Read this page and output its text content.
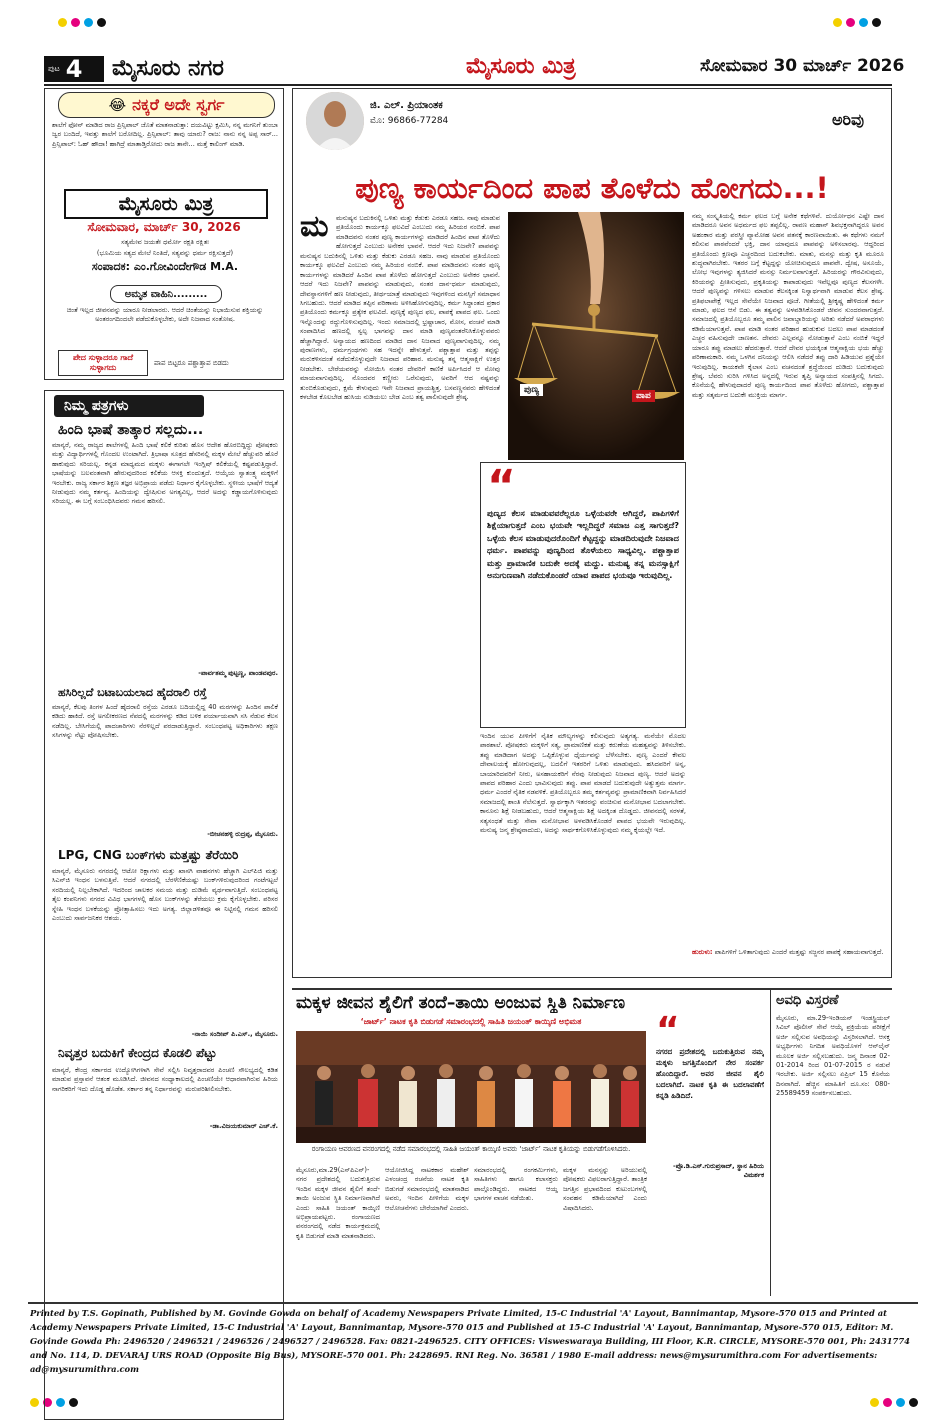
ಪುಟ 4 ಮೈಸೂರು ನಗರ	ಮೈಸೂರು ಮಿತ್ರ	ಸೋಮವಾರ 30 ಮಾರ್ಚ್ 2026
😂 ನಕ್ಕರೆ ಅದೇ ಸ್ವರ್ಗ
ಶಾಲೆಗೆ ಫೋನ್ ಮಾಡಿದ ರಾಜ ಪ್ರಿನ್ಸಿಪಾಲ್ ಜೊತೆ ಮಾತನಾಡುತ್ತಾ: ದಯವಿಟ್ಟು ಕ್ಷಮಿಸಿ, ನನ್ನ ಮಗನಿಗೆ ತುಂಬಾ ಜ್ವರ ಬಂದಿದೆ, ಇವತ್ತು ಶಾಲೆಗೆ ಬರೋದಿಲ್ಲ. ಪ್ರಿನ್ಸಿಪಾಲ್: ತಾವು ಯಾರು? ರಾಜ: ನಾನು ನನ್ನ ಅಪ್ಪ ಸಾರ್... ಪ್ರಿನ್ಸಿಪಾಲ್: ಓಹ್ ಹೌದಾ! ಹಾಗಿದ್ರೆ ಮಾತಾಡ್ತಿರೋದು ರಾಜ ತಾನೇ... ಮತ್ತೆ ಕಾಲಿಂಗ್ ಮಾಡಿ.
ಮೈಸೂರು ಮಿತ್ರ
ಸೋಮವಾರ, ಮಾರ್ಚ್ 30, 2026
ಸತ್ಯಮೇವ ಜಯತೇ ಧರ್ಮೋ ರಕ್ಷತಿ ರಕ್ಷಿತಃ
(ಭೂಮಿಯ ಸತ್ಯದ ಮೇಲೆ ನಿಂತಿದೆ, ಸತ್ಯವನ್ನು ಧರ್ಮ ರಕ್ಷಿಸುತ್ತದೆ)
ಸಂಪಾದಕ: ಎಂ.ಗೋವಿಂದೇಗೌಡ M.A.
ಅಮೃತ ವಾಹಿನಿ.........
ಚಿಂತೆ ಇಲ್ಲದ ಜೀವನವನ್ನು ಯಾರೂ ನೀಡಲಾರರು. ಆದರೆ ಚಿಂತೆಯನ್ನು ನಿಭಾಯಿಸುವ ಶಕ್ತಿಯನ್ನು ಅಂತರಂಗದಿಂದಲೇ ಪಡೆದುಕೊಳ್ಳಬೇಕು, ಅದೇ ನಿಜವಾದ ಸಂತೋಷ.
ಪೇದ ಸುಳ್ಳಾದರೂ ಗಾದೆ ಸುಳ್ಳಾಗದು
ಪಾಪ ಬಿಟ್ಟರೂ ಪಶ್ಚಾತ್ತಾಪ ಬಿಡದು
ನಿಮ್ಮ ಪತ್ರಗಳು
ಹಿಂದಿ ಭಾಷೆ ತಾತ್ಕಾರ ಸಲ್ಲದು...
ಮಾನ್ಯರೆ, ನಮ್ಮ ರಾಜ್ಯದ ಶಾಲೆಗಳಲ್ಲಿ ಹಿಂದಿ ಭಾಷೆ ಕಲಿಕೆ ಕುರಿತು ಹೊಸ ಆದೇಶ ಹೊರಬಿದ್ದಿದ್ದು ಪೋಷಕರು ಮತ್ತು ವಿದ್ಯಾರ್ಥಿಗಳಲ್ಲಿ ಗೊಂದಲ ಉಂಟಾಗಿದೆ. ತ್ರಿಭಾಷಾ ಸೂತ್ರದ ಹೆಸರಿನಲ್ಲಿ ಮಕ್ಕಳ ಮೇಲೆ ಹೆಚ್ಚುವರಿ ಹೊರೆ ಹಾಕುವುದು ಸರಿಯಲ್ಲ. ಕನ್ನಡ ಮಾಧ್ಯಮದ ಮಕ್ಕಳು ಈಗಾಗಲೇ ಇಂಗ್ಲಿಷ್ ಕಲಿಕೆಯಲ್ಲಿ ಕಷ್ಟಪಡುತ್ತಿದ್ದಾರೆ. ಭಾಷೆಯನ್ನು ಬಲವಂತವಾಗಿ ಹೇರುವುದರಿಂದ ಕಲಿಕೆಯ ಆಸಕ್ತಿ ಕುಂದುತ್ತದೆ. ಆಯ್ಕೆಯ ಸ್ವಾತಂತ್ರ್ಯ ಮಕ್ಕಳಿಗೆ ಇರಬೇಕು. ರಾಜ್ಯ ಸರ್ಕಾರ ಶಿಕ್ಷಣ ತಜ್ಞರ ಅಭಿಪ್ರಾಯ ಪಡೆದು ನಿರ್ಧಾರ ಕೈಗೊಳ್ಳಬೇಕು. ಸ್ಥಳೀಯ ಭಾಷೆಗೆ ಆದ್ಯತೆ ನೀಡುವುದು ನಮ್ಮ ಕರ್ತವ್ಯ. ಹಿಂದಿಯನ್ನು ದ್ವೇಷಿಸುವ ಅಗತ್ಯವಿಲ್ಲ, ಆದರೆ ಅದನ್ನು ಕಡ್ಡಾಯಗೊಳಿಸುವುದು ಸರಿಯಲ್ಲ. ಈ ಬಗ್ಗೆ ಸಂಬಂಧಿಸಿದವರು ಗಮನ ಹರಿಸಲಿ.
-ಪಾರ್ವತಮ್ಮ ಪುಟ್ಟಣ್ಣ, ಪಾಂಡವಪುರ.
ಹಸಿರಿಲ್ಲದೆ ಬಟಾಬಯಲಾದ ಹೈದರಾಲಿ ರಸ್ತೆ
ಮಾನ್ಯರೆ, ಕೆಲವು ತಿಂಗಳ ಹಿಂದೆ ಹೈದರಾಲಿ ರಸ್ತೆಯ ಎರಡೂ ಬದಿಯಲ್ಲಿದ್ದ 40 ಮರಗಳನ್ನು ಹಿಂದಿನ ಪಾಲಿಕೆ ಕಡಿದು ಹಾಕಿದೆ. ರಸ್ತೆ ಅಗಲೀಕರಣದ ನೆಪದಲ್ಲಿ ಮರಗಳನ್ನು ಕಡಿದ ಬಳಿಕ ಪರ್ಯಾಯವಾಗಿ ಸಸಿ ನೆಡುವ ಕೆಲಸ ನಡೆದಿಲ್ಲ. ಬೇಸಿಗೆಯಲ್ಲಿ ಪಾದಚಾರಿಗಳು ನೆರಳಿಲ್ಲದೆ ಪರದಾಡುತ್ತಿದ್ದಾರೆ. ಸಂಬಂಧಪಟ್ಟ ಅಧಿಕಾರಿಗಳು ತಕ್ಷಣ ಸಸಿಗಳನ್ನು ನೆಟ್ಟು ಪೋಷಿಸಬೇಕು.
-ಬೀಚನಹಳ್ಳಿ ರುದ್ರಪ್ಪ, ಮೈಸೂರು.
LPG, CNG ಬಂಕ್‌ಗಳು ಮತ್ತಷ್ಟು ತೆರೆಯಿರಿ
ಮಾನ್ಯರೆ, ಮೈಸೂರು ನಗರದಲ್ಲಿ ಆಟೋ ರಿಕ್ಷಾಗಳು ಮತ್ತು ಖಾಸಗಿ ವಾಹನಗಳು ಹೆಚ್ಚಾಗಿ ಎಲ್‌ಪಿಜಿ ಮತ್ತು ಸಿಎನ್‌ಜಿ ಇಂಧನ ಬಳಸುತ್ತಿವೆ. ಆದರೆ ನಗರದಲ್ಲಿ ಬೆರಳೆಣಿಕೆಯಷ್ಟು ಬಂಕ್‌ಗಳಿರುವುದರಿಂದ ಗಂಟೆಗಟ್ಟಲೆ ಸರದಿಯಲ್ಲಿ ನಿಲ್ಲಬೇಕಾಗಿದೆ. ಇದರಿಂದ ಚಾಲಕರ ಸಮಯ ಮತ್ತು ದುಡಿಮೆ ವ್ಯರ್ಥವಾಗುತ್ತಿದೆ. ಸಂಬಂಧಪಟ್ಟ ತೈಲ ಕಂಪನಿಗಳು ನಗರದ ವಿವಿಧ ಭಾಗಗಳಲ್ಲಿ ಹೊಸ ಬಂಕ್‌ಗಳನ್ನು ತೆರೆಯಲು ಕ್ರಮ ಕೈಗೊಳ್ಳಬೇಕು. ಪರಿಸರ ಸ್ನೇಹಿ ಇಂಧನ ಬಳಕೆಯನ್ನು ಪ್ರೋತ್ಸಾಹಿಸಲು ಇದು ಅಗತ್ಯ. ಜಿಲ್ಲಾಡಳಿತವೂ ಈ ನಿಟ್ಟಿನಲ್ಲಿ ಗಮನ ಹರಿಸಲಿ ಎಂಬುದು ಸಾರ್ವಜನಿಕರ ಆಶಯ.
-ನಾಯಿ ಸಂದೀಪ್ ಪಿ.ಎಸ್., ಮೈಸೂರು.
ನಿವೃತ್ತರ ಬದುಕಿಗೆ ಕೇಂದ್ರದ ಕೊಡಲಿ ಪೆಟ್ಟು
ಮಾನ್ಯರೆ, ಕೇಂದ್ರ ಸರ್ಕಾರದ ಉದ್ಯೋಗಿಗಳಾಗಿ ಸೇವೆ ಸಲ್ಲಿಸಿ ನಿವೃತ್ತರಾದವರ ಪಿಂಚಣಿ ಸೌಲಭ್ಯದಲ್ಲಿ ಕಡಿತ ಮಾಡುವ ಪ್ರಸ್ತಾವನೆ ಆತಂಕ ಮೂಡಿಸಿದೆ. ಜೀವನದ ಸಂಧ್ಯಾಕಾಲದಲ್ಲಿ ಪಿಂಚಣಿಯೇ ಆಧಾರವಾಗಿರುವ ಹಿರಿಯ ನಾಗರಿಕರಿಗೆ ಇದು ದೊಡ್ಡ ಹೊಡೆತ. ಸರ್ಕಾರ ತನ್ನ ನಿರ್ಧಾರವನ್ನು ಮರುಪರಿಶೀಲಿಸಬೇಕು.
-ಡಾ.ವಿಜಯಕುಮಾರ್ ಎಚ್.ಕೆ.
ಜಿ. ಎಲ್. ಪ್ರಿಯಾಂತಕ
ಮೊ: 96866-77284	ಅರಿವು
ಪುಣ್ಯ ಕಾರ್ಯದಿಂದ ಪಾಪ ತೊಳೆದು ಹೋಗದು...!
ಪುಣ್ಯ
ಪಾಪ
ಮ ಮನುಷ್ಯನ ಬದುಕಿನಲ್ಲಿ ಒಳಿತು ಮತ್ತು ಕೆಡುಕು ಎರಡೂ ಸಹಜ. ನಾವು ಮಾಡುವ ಪ್ರತಿಯೊಂದು ಕಾರ್ಯಕ್ಕೂ ಫಲವಿದೆ ಎಂಬುದು ನಮ್ಮ ಹಿರಿಯರ ನಂಬಿಕೆ. ಪಾಪ ಮಾಡಿದವನು ನಂತರ ಪುಣ್ಯ ಕಾರ್ಯಗಳನ್ನು ಮಾಡಿದರೆ ಹಿಂದಿನ ಪಾಪ ತೊಳೆದು ಹೋಗುತ್ತದೆ ಎಂಬುದು ಅನೇಕರ ಭಾವನೆ. ಆದರೆ ಇದು ನಿಜವೇ? ಪಾಪವನ್ನು
ಮನುಷ್ಯನ ಬದುಕಿನಲ್ಲಿ ಒಳಿತು ಮತ್ತು ಕೆಡುಕು ಎರಡೂ ಸಹಜ. ನಾವು ಮಾಡುವ ಪ್ರತಿಯೊಂದು ಕಾರ್ಯಕ್ಕೂ ಫಲವಿದೆ ಎಂಬುದು ನಮ್ಮ ಹಿರಿಯರ ನಂಬಿಕೆ. ಪಾಪ ಮಾಡಿದವನು ನಂತರ ಪುಣ್ಯ ಕಾರ್ಯಗಳನ್ನು ಮಾಡಿದರೆ ಹಿಂದಿನ ಪಾಪ ತೊಳೆದು ಹೋಗುತ್ತದೆ ಎಂಬುದು ಅನೇಕರ ಭಾವನೆ. ಆದರೆ ಇದು ನಿಜವೇ? ಪಾಪವನ್ನು ಮಾಡುವುದು, ನಂತರ ದಾನ-ಧರ್ಮ ಮಾಡುವುದು, ದೇವಸ್ಥಾನಗಳಿಗೆ ಹಣ ನೀಡುವುದು, ತೀರ್ಥಯಾತ್ರೆ ಮಾಡುವುದು ಇವುಗಳಿಂದ ಮನಸ್ಸಿಗೆ ಸಮಾಧಾನ ಸಿಗಬಹುದು. ಆದರೆ ಮಾಡಿದ ತಪ್ಪಿನ ಪರಿಣಾಮ ಅಳಿಸಿಹೋಗುವುದಿಲ್ಲ. ಕರ್ಮ ಸಿದ್ಧಾಂತದ ಪ್ರಕಾರ ಪ್ರತಿಯೊಂದು ಕರ್ಮಕ್ಕೂ ಪ್ರತ್ಯೇಕ ಫಲವಿದೆ. ಪುಣ್ಯಕ್ಕೆ ಪುಣ್ಯದ ಫಲ, ಪಾಪಕ್ಕೆ ಪಾಪದ ಫಲ. ಒಂದು ಇನ್ನೊಂದನ್ನು ರದ್ದುಗೊಳಿಸುವುದಿಲ್ಲ. ಇಂದು ಸಮಾಜದಲ್ಲಿ ಭ್ರಷ್ಟಾಚಾರ, ಮೋಸ, ವಂಚನೆ ಮಾಡಿ ಸಂಪಾದಿಸಿದ ಹಣದಲ್ಲಿ ಸ್ವಲ್ಪ ಭಾಗವನ್ನು ದಾನ ಮಾಡಿ ಪುಣ್ಯವಂತರೆನಿಸಿಕೊಳ್ಳುವವರು ಹೆಚ್ಚಾಗಿದ್ದಾರೆ. ಅನ್ಯಾಯದ ಹಣದಿಂದ ಮಾಡಿದ ದಾನ ನಿಜವಾದ ಪುಣ್ಯವಾಗುವುದಿಲ್ಲ. ನಮ್ಮ ಪುರಾಣಗಳು, ಧರ್ಮಗ್ರಂಥಗಳು ಸಹ ಇದನ್ನೇ ಹೇಳುತ್ತವೆ. ಪಶ್ಚಾತ್ತಾಪ ಮತ್ತು ತಪ್ಪನ್ನು ಮರುಕಳಿಸದಂತೆ ನಡೆದುಕೊಳ್ಳುವುದೇ ನಿಜವಾದ ಪರಿಹಾರ. ಮನುಷ್ಯ ತನ್ನ ಆತ್ಮಸಾಕ್ಷಿಗೆ ಉತ್ತರ ನೀಡಬೇಕು. ಬೇರೆಯವರನ್ನು ನೋಯಿಸಿ ನಂತರ ದೇವರಿಗೆ ಕಾಣಿಕೆ ಅರ್ಪಿಸಿದರೆ ಆ ನೋವು ಮಾಯವಾಗುವುದಿಲ್ಲ. ನೊಂದವರ ಕಣ್ಣೀರು ಒರೆಸುವುದು, ಅವರಿಗೆ ಆದ ನಷ್ಟವನ್ನು ತುಂಬಿಕೊಡುವುದು, ಕ್ಷಮೆ ಕೇಳುವುದು ಇವೇ ನಿಜವಾದ ಪ್ರಾಯಶ್ಚಿತ್ತ. ಬಸವಣ್ಣನವರು ಹೇಳಿದಂತೆ ಕಳಬೇಡ ಕೊಲಬೇಡ ಹುಸಿಯ ನುಡಿಯಲು ಬೇಡ ಎಂಬ ತತ್ವ ಪಾಲಿಸುವುದೇ ಶ್ರೇಷ್ಠ.
“
ಪುಣ್ಯದ ಕೆಲಸ ಮಾಡುವವರೆಲ್ಲರೂ ಒಳ್ಳೆಯವರೇ ಆಗಿದ್ದರೆ, ಪಾಪಿಗಳಿಗೆ ಶಿಕ್ಷೆಯಾಗುತ್ತದೆ ಎಂಬ ಭಯವೇ ಇಲ್ಲದಿದ್ದರೆ ಸಮಾಜ ಎತ್ತ ಸಾಗುತ್ತದೆ? ಒಳ್ಳೆಯ ಕೆಲಸ ಮಾಡುವುದರೊಂದಿಗೆ ಕೆಟ್ಟದ್ದನ್ನು ಮಾಡದಿರುವುದೇ ನಿಜವಾದ ಧರ್ಮ. ಪಾಪವನ್ನು ಪುಣ್ಯದಿಂದ ತೊಳೆಯಲು ಸಾಧ್ಯವಿಲ್ಲ. ಪಶ್ಚಾತ್ತಾಪ ಮತ್ತು ಪ್ರಾಮಾಣಿಕ ಬದುಕೇ ಅದಕ್ಕೆ ಮದ್ದು. ಮನುಷ್ಯ ತನ್ನ ಮನಸ್ಸಾಕ್ಷಿಗೆ ಅನುಗುಣವಾಗಿ ನಡೆದುಕೊಂಡರೆ ಯಾವ ಪಾಪದ ಭಯವೂ ಇರುವುದಿಲ್ಲ.
ಇಂದಿನ ಯುವ ಪೀಳಿಗೆಗೆ ನೈತಿಕ ಮೌಲ್ಯಗಳನ್ನು ಕಲಿಸುವುದು ಅತ್ಯಗತ್ಯ. ಮನೆಯೇ ಮೊದಲ ಪಾಠಶಾಲೆ. ಪೋಷಕರು ಮಕ್ಕಳಿಗೆ ಸತ್ಯ, ಪ್ರಾಮಾಣಿಕತೆ ಮತ್ತು ಕರುಣೆಯ ಮಹತ್ವವನ್ನು ತಿಳಿಸಬೇಕು. ತಪ್ಪು ಮಾಡಿದಾಗ ಅದನ್ನು ಒಪ್ಪಿಕೊಳ್ಳುವ ಧೈರ್ಯವನ್ನು ಬೆಳೆಸಬೇಕು. ಪುಣ್ಯ ಎಂದರೆ ಕೇವಲ ದೇವಾಲಯಕ್ಕೆ ಹೋಗುವುದಲ್ಲ, ಬದಲಿಗೆ ಇತರರಿಗೆ ಒಳಿತು ಮಾಡುವುದು. ಹಸಿದವರಿಗೆ ಅನ್ನ, ಬಾಯಾರಿದವರಿಗೆ ನೀರು, ಅಸಹಾಯಕರಿಗೆ ನೆರವು ನೀಡುವುದು ನಿಜವಾದ ಪುಣ್ಯ. ಆದರೆ ಅದನ್ನು ಪಾಪದ ಪರಿಹಾರ ಎಂದು ಭಾವಿಸುವುದು ತಪ್ಪು. ಪಾಪ ಮಾಡದೆ ಬದುಕುವುದೇ ಅತ್ಯುತ್ತಮ ಮಾರ್ಗ. ಧರ್ಮ ಎಂದರೆ ನೈತಿಕ ನಡವಳಿಕೆ. ಪ್ರತಿಯೊಬ್ಬರೂ ತಮ್ಮ ಕರ್ತವ್ಯವನ್ನು ಪ್ರಾಮಾಣಿಕವಾಗಿ ನಿರ್ವಹಿಸಿದರೆ ಸಮಾಜದಲ್ಲಿ ಶಾಂತಿ ನೆಲೆಸುತ್ತದೆ. ಸ್ವಾರ್ಥಕ್ಕಾಗಿ ಇತರರನ್ನು ವಂಚಿಸುವ ಮನೋಭಾವ ಬದಲಾಗಬೇಕು. ಕಾನೂನು ಶಿಕ್ಷೆ ನೀಡಬಹುದು, ಆದರೆ ಆತ್ಮಸಾಕ್ಷಿಯ ಶಿಕ್ಷೆ ಅದಕ್ಕಿಂತ ದೊಡ್ಡದು. ಜೀವನದಲ್ಲಿ ಸರಳತೆ, ಸತ್ಯಸಂಧತೆ ಮತ್ತು ಸೇವಾ ಮನೋಭಾವ ಅಳವಡಿಸಿಕೊಂಡರೆ ಪಾಪದ ಭಯವೇ ಇರುವುದಿಲ್ಲ. ಮನುಷ್ಯ ಜನ್ಮ ಶ್ರೇಷ್ಠವಾದುದು, ಅದನ್ನು ಸಾರ್ಥಕಗೊಳಿಸಿಕೊಳ್ಳುವುದು ನಮ್ಮ ಕೈಯಲ್ಲೇ ಇದೆ.
ನಮ್ಮ ಸಂಸ್ಕೃತಿಯಲ್ಲಿ ಕರ್ಮ ಫಲದ ಬಗ್ಗೆ ಅನೇಕ ಕಥೆಗಳಿವೆ. ದುರ್ಯೋಧನ ಎಷ್ಟೇ ದಾನ ಮಾಡಿದರೂ ಅವನ ಅಧರ್ಮದ ಫಲ ತಪ್ಪಲಿಲ್ಲ. ರಾವಣ ಮಹಾನ್ ಶಿವಭಕ್ತನಾಗಿದ್ದರೂ ಅವನ ಅಹಂಕಾರ ಮತ್ತು ಪರಸ್ತ್ರೀ ವ್ಯಾಮೋಹ ಅವನ ಪತನಕ್ಕೆ ಕಾರಣವಾಯಿತು. ಈ ಕಥೆಗಳು ನಮಗೆ ಕಲಿಸುವ ಪಾಠವೆಂದರೆ ಭಕ್ತಿ, ದಾನ ಯಾವುದೂ ಪಾಪವನ್ನು ಅಳಿಸಲಾರವು. ಆದ್ದರಿಂದ ಪ್ರತಿಯೊಂದು ಕ್ಷಣವೂ ಎಚ್ಚರದಿಂದ ಬದುಕಬೇಕು. ಮಾತು, ಮನಸ್ಸು ಮತ್ತು ಕೃತಿ ಮೂರೂ ಶುದ್ಧವಾಗಿರಬೇಕು. ಇತರರ ಬಗ್ಗೆ ಕೆಟ್ಟದ್ದನ್ನು ಯೋಚಿಸುವುದೂ ಪಾಪವೇ. ದ್ವೇಷ, ಅಸೂಯೆ, ಲೋಭ ಇವುಗಳನ್ನು ತ್ಯಜಿಸಿದರೆ ಮನಸ್ಸು ನಿರ್ಮಲವಾಗುತ್ತದೆ. ಹಿರಿಯರನ್ನು ಗೌರವಿಸುವುದು, ಕಿರಿಯರನ್ನು ಪ್ರೀತಿಸುವುದು, ಪ್ರಕೃತಿಯನ್ನು ಕಾಪಾಡುವುದು ಇವೆಲ್ಲವೂ ಪುಣ್ಯದ ಕೆಲಸಗಳೇ. ಆದರೆ ಪುಣ್ಯವನ್ನು ಗಳಿಸಲು ಮಾಡುವ ಕೆಲಸಕ್ಕಿಂತ ನಿಸ್ವಾರ್ಥವಾಗಿ ಮಾಡುವ ಕೆಲಸ ಶ್ರೇಷ್ಠ. ಪ್ರತಿಫಲಾಪೇಕ್ಷೆ ಇಲ್ಲದ ಸೇವೆಯೇ ನಿಜವಾದ ಪೂಜೆ. ಗೀತೆಯಲ್ಲಿ ಶ್ರೀಕೃಷ್ಣ ಹೇಳಿದಂತೆ ಕರ್ಮ ಮಾಡು, ಫಲದ ಆಸೆ ಬಿಡು. ಈ ತತ್ವವನ್ನು ಅಳವಡಿಸಿಕೊಂಡರೆ ಜೀವನ ಸುಂದರವಾಗುತ್ತದೆ. ಸಮಾಜದಲ್ಲಿ ಪ್ರತಿಯೊಬ್ಬರೂ ತಮ್ಮ ಪಾಲಿನ ಜವಾಬ್ದಾರಿಯನ್ನು ಅರಿತು ನಡೆದರೆ ಅಪರಾಧಗಳು ಕಡಿಮೆಯಾಗುತ್ತವೆ. ಪಾಪ ಮಾಡಿ ನಂತರ ಪರಿಹಾರ ಹುಡುಕುವ ಬದಲು ಪಾಪ ಮಾಡದಂತೆ ಎಚ್ಚರ ವಹಿಸುವುದೇ ಜಾಣತನ. ದೇವರು ಎಲ್ಲವನ್ನೂ ನೋಡುತ್ತಾನೆ ಎಂಬ ನಂಬಿಕೆ ಇದ್ದರೆ ಯಾರೂ ತಪ್ಪು ಮಾಡಲು ಹೆದರುತ್ತಾರೆ. ಆದರೆ ದೇವರ ಭಯಕ್ಕಿಂತ ಆತ್ಮಸಾಕ್ಷಿಯ ಭಯ ಹೆಚ್ಚು ಪರಿಣಾಮಕಾರಿ. ನಮ್ಮ ಒಳಗಿನ ದನಿಯನ್ನು ಆಲಿಸಿ ನಡೆದರೆ ತಪ್ಪು ದಾರಿ ಹಿಡಿಯುವ ಪ್ರಶ್ನೆಯೇ ಇರುವುದಿಲ್ಲ. ಕಾಯಕವೇ ಕೈಲಾಸ ಎಂಬ ವಚನದಂತೆ ಶ್ರದ್ಧೆಯಿಂದ ದುಡಿದು ಬದುಕುವುದು ಶ್ರೇಷ್ಠ. ಬೆವರು ಸುರಿಸಿ ಗಳಿಸಿದ ಅನ್ನದಲ್ಲಿ ಇರುವ ತೃಪ್ತಿ ಅನ್ಯಾಯದ ಸಂಪತ್ತಿನಲ್ಲಿ ಸಿಗದು. ಕೊನೆಯಲ್ಲಿ ಹೇಳುವುದಾದರೆ ಪುಣ್ಯ ಕಾರ್ಯದಿಂದ ಪಾಪ ತೊಳೆದು ಹೋಗದು, ಪಶ್ಚಾತ್ತಾಪ ಮತ್ತು ಸತ್ಕರ್ಮದ ಬದುಕೇ ಮುಕ್ತಿಯ ಮಾರ್ಗ.
ಹುರುಳು: ಪಾಪಿಗಳಿಗೆ ಒಳಿತಾಗುವುದು ಎಂದರೆ ಮತ್ತಷ್ಟು ಸಜ್ಜನರ ಪಾಪಕ್ಕೆ ಸಹಾಯವಾಗುತ್ತದೆ.
ಮಕ್ಕಳ ಜೀವನ ಶೈಲಿಗೆ ತಂದೆ–ತಾಯಿ ಅಂಜುವ ಸ್ಥಿತಿ ನಿರ್ಮಾಣ
‘ಜಾರ್ಟ್’ ನಾಟಕ ಕೃತಿ ಬಿಡುಗಡೆ ಸಮಾರಂಭದಲ್ಲಿ ಸಾಹಿತಿ ಜಯಂತ್ ಕಾಯ್ಕಿಣಿ ಅಭಿಮತ
ರಂಗಾಯಣ ಆವರಣದ ವನರಂಗದಲ್ಲಿ ನಡೆದ ಸಮಾರಂಭದಲ್ಲಿ ಸಾಹಿತಿ ಜಯಂತ್ ಕಾಯ್ಕಿಣಿ ಅವರು ‘ಜಾರ್ಟ್’ ನಾಟಕ ಕೃತಿಯನ್ನು ಬಿಡುಗಡೆಗೊಳಿಸಿದರು.
ಮೈಸೂರು,ಮಾ.29(ಎಸ್‌ಪಿಎನ್)- ನಗರ ಪ್ರದೇಶದಲ್ಲಿ ಬದುಕುತ್ತಿರುವ ಇಂದಿನ ಮಕ್ಕಳ ಜೀವನ ಶೈಲಿಗೆ ತಂದೆ-ತಾಯಿ ಅಂಜುವ ಸ್ಥಿತಿ ನಿರ್ಮಾಣವಾಗಿದೆ ಎಂದು ಸಾಹಿತಿ ಜಯಂತ್ ಕಾಯ್ಕಿಣಿ ಅಭಿಪ್ರಾಯಪಟ್ಟರು. ರಂಗಾಯಣದ ವನರಂಗದಲ್ಲಿ ನಡೆದ ಕಾರ್ಯಕ್ರಮದಲ್ಲಿ ಕೃತಿ ಬಿಡುಗಡೆ ಮಾಡಿ ಮಾತನಾಡಿದರು.
ಆಯೋಜಿಸಿದ್ದ ನಾಟಕಕಾರ ಮಹೇಶ್ ಎಳಂಚಂದ್ರ ರಚನೆಯ ನಾಟಕ ಕೃತಿ ಬಿಡುಗಡೆ ಸಮಾರಂಭದಲ್ಲಿ ಮಾತನಾಡಿದ ಅವರು, ಇಂದಿನ ಪೀಳಿಗೆಯ ಮಕ್ಕಳ ಆಲೋಚನೆಗಳು ಬೇರೆಯಾಗಿವೆ ಎಂದರು.
ಸಮಾರಂಭದಲ್ಲಿ ರಂಗಕರ್ಮಿಗಳು, ಸಾಹಿತಿಗಳು ಹಾಗೂ ಕಲಾಸಕ್ತರು ಪಾಲ್ಗೊಂಡಿದ್ದರು. ನಾಟಕದ ಆಯ್ದ ಭಾಗಗಳ ವಾಚನ ನಡೆಯಿತು.
ಮಕ್ಕಳ ಮನಸ್ಸನ್ನು ಅರಿಯುವಲ್ಲಿ ಪೋಷಕರು ವಿಫಲರಾಗುತ್ತಿದ್ದಾರೆ. ತಾಂತ್ರಿಕ ಜಗತ್ತಿನ ಪ್ರಭಾವದಿಂದ ಕುಟುಂಬಗಳಲ್ಲಿ ಸಂವಹನ ಕಡಿಮೆಯಾಗಿದೆ ಎಂದು ವಿಷಾದಿಸಿದರು.
“
ನಗರದ ಪ್ರದೇಶದಲ್ಲಿ ಬದುಕುತ್ತಿರುವ ನಮ್ಮ ಮಕ್ಕಳು ಜಗತ್ತಿನೊಂದಿಗೆ ನೇರ ಸಂಪರ್ಕ ಹೊಂದಿದ್ದಾರೆ. ಅವರ ಜೀವನ ಶೈಲಿ ಬದಲಾಗಿದೆ. ನಾಟಕ ಕೃತಿ ಈ ಬದಲಾವಣೆಗೆ ಕನ್ನಡಿ ಹಿಡಿದಿದೆ.
-ಪ್ರೊ.ಡಿ.ಎಸ್.ಗುರುಪ್ರಸಾದ್, ಸ್ಥಾನ ಹಿರಿಯ ವಿಮರ್ಶಕ
ಅವಧಿ ವಿಸ್ತರಣೆ
ಮೈಸೂರು, ಮಾ.29-ಇಂಡಿಯನ್ ಇಂಡಸ್ಟ್ರಿಯಲ್ ಸಿವಿಲ್ ಪೊಲೀಸ್ ಸೇವೆ ಆಯ್ಕೆ ಪ್ರಕ್ರಿಯೆಯ ಪರೀಕ್ಷೆಗೆ ಅರ್ಜಿ ಸಲ್ಲಿಸುವ ಅವಧಿಯನ್ನು ವಿಸ್ತರಿಸಲಾಗಿದೆ. ಆಸಕ್ತ ಅಭ್ಯರ್ಥಿಗಳು ನಿಗದಿತ ಅವಧಿಯೊಳಗೆ ಆನ್‌ಲೈನ್ ಮೂಲಕ ಅರ್ಜಿ ಸಲ್ಲಿಸಬಹುದು. ಜನ್ಮ ದಿನಾಂಕ 02-01-2014 ರಿಂದ 01-07-2015 ರ ನಡುವೆ ಇರಬೇಕು. ಅರ್ಜಿ ಸಲ್ಲಿಸಲು ಏಪ್ರಿಲ್ 15 ಕೊನೆಯ ದಿನವಾಗಿದೆ. ಹೆಚ್ಚಿನ ಮಾಹಿತಿಗೆ ದೂ.ಸಂ: 080-25589459 ಸಂಪರ್ಕಿಸಬಹುದು.
Printed by T.S. Gopinath, Published by M. Govinde Gowda on behalf of Academy Newspapers Private Limited, 15-C Industrial 'A' Layout, Bannimantap, Mysore-570 015 and Printed at Academy Newspapers Private Limited, 15-C Industrial 'A' Layout, Bannimantap, Mysore-570 015 and Published at 15-C Industrial 'A' Layout, Bannimantap, Mysore-570 015, Editor: M. Govinde Gowda Ph: 2496520 / 2496521 / 2496526 / 2496527 / 2496528. Fax: 0821-2496525. CITY OFFICES: Visweswaraya Building, III Floor, K.R. CIRCLE, MYSORE-570 001, Ph: 2431774 and No. 114, D. DEVARAJ URS ROAD (Opposite Big Bus), MYSORE-570 001. Ph: 2428695. RNI Reg. No. 36581 / 1980 E-mail address: news@mysurumithra.com For advertisements: ad@mysurumithra.com
